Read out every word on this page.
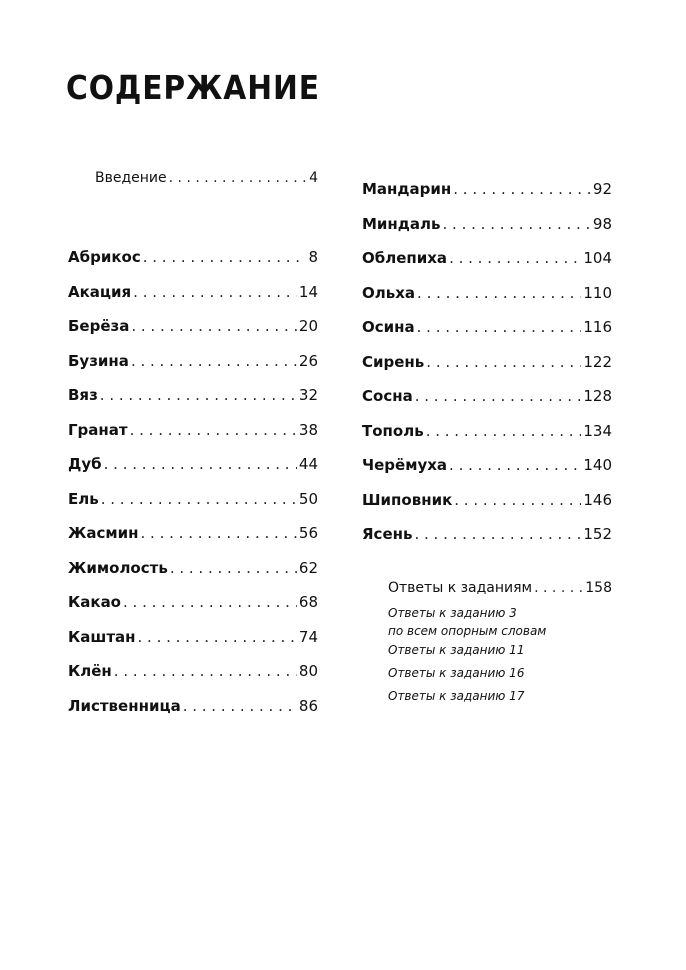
СОДЕРЖАНИЕ
Введение . . .	4
Абрикос . . .	8
Акация . . .	14
Берёза . . .	20
Бузина . . .	26
Вяз . . .	32
Гранат . . .	38
Дуб . . .	44
Ель . . .	50
Жасмин . . .	56
Жимолость . . .	62
Какао . . .	68
Каштан . . .	74
Клён . . .	80
Лиственница . . .	86
Мандарин . . .	92
Миндаль . . .	98
Облепиха . . .	104
Ольха . . .	110
Осина . . .	116
Сирень . . .	122
Сосна . . .	128
Тополь . . .	134
Черёмуха . . .	140
Шиповник . . .	146
Ясень . . .	152
Ответы к заданиям . . .	158
Ответы к заданию 3
по всем опорным словам
Ответы к заданию 11
Ответы к заданию 16
Ответы к заданию 17
